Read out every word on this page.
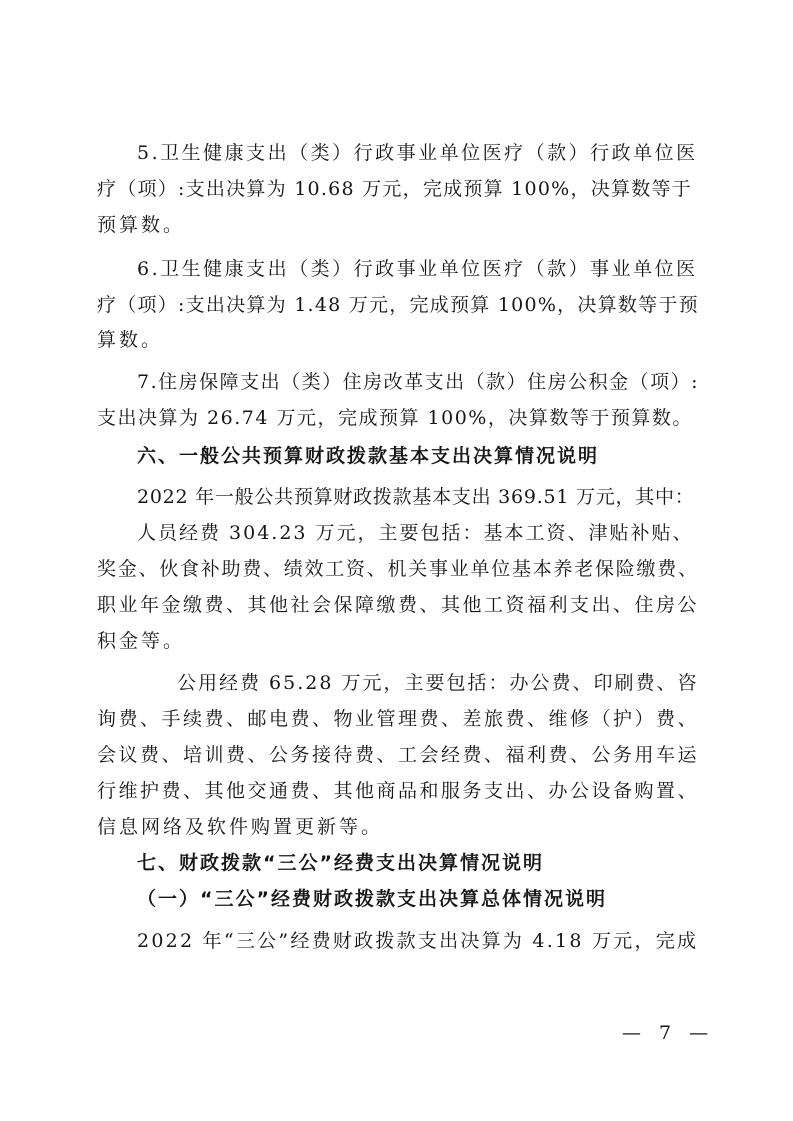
5.卫生健康支出（类）行政事业单位医疗（款）行政单位医
疗（项）:支出决算为 10.68 万元，完成预算 100%，决算数等于
预算数。
6.卫生健康支出（类）行政事业单位医疗（款）事业单位医
疗（项）:支出决算为 1.48 万元，完成预算 100%，决算数等于预
算数。
7.住房保障支出（类）住房改革支出（款）住房公积金（项）:
支出决算为 26.74 万元，完成预算 100%，决算数等于预算数。
六、一般公共预算财政拨款基本支出决算情况说明
2022 年一般公共预算财政拨款基本支出 369.51 万元，其中：
人员经费 304.23 万元，主要包括：基本工资、津贴补贴、
奖金、伙食补助费、绩效工资、机关事业单位基本养老保险缴费、
职业年金缴费、其他社会保障缴费、其他工资福利支出、住房公
积金等。
公用经费 65.28 万元，主要包括：办公费、印刷费、咨
询费、手续费、邮电费、物业管理费、差旅费、维修（护）费、
会议费、培训费、公务接待费、工会经费、福利费、公务用车运
行维护费、其他交通费、其他商品和服务支出、办公设备购置、
信息网络及软件购置更新等。
七、财政拨款“三公”经费支出决算情况说明
（一）“三公”经费财政拨款支出决算总体情况说明
2022 年“三公”经费财政拨款支出决算为 4.18 万元，完成
— 7 —
